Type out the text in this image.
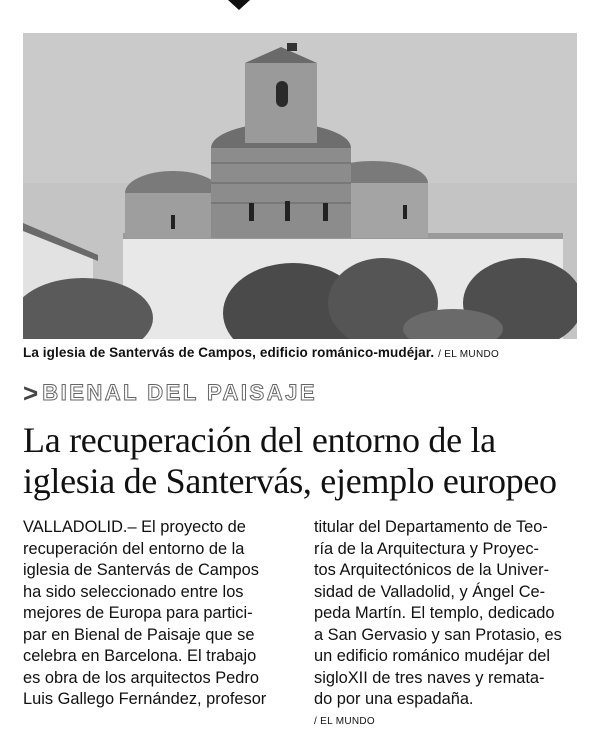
La iglesia de Santervás de Campos, edificio románico-mudéjar. / EL MUNDO
> BIENAL DEL PAISAJE
La recuperación del entorno de la
iglesia de Santervás, ejemplo europeo
VALLADOLID.– El proyecto de
recuperación del entorno de la
iglesia de Santervás de Campos
ha sido seleccionado entre los
mejores de Europa para partici-
par en Bienal de Paisaje que se
celebra en Barcelona. El trabajo
es obra de los arquitectos Pedro
Luis Gallego Fernández, profesor
titular del Departamento de Teo-
ría de la Arquitectura y Proyec-
tos Arquitectónicos de la Univer-
sidad de Valladolid, y Ángel Ce-
peda Martín. El templo, dedicado
a San Gervasio y san Protasio, es
un edificio románico mudéjar del
sigloXII de tres naves y remata-
do por una espadaña.
/ EL MUNDO
